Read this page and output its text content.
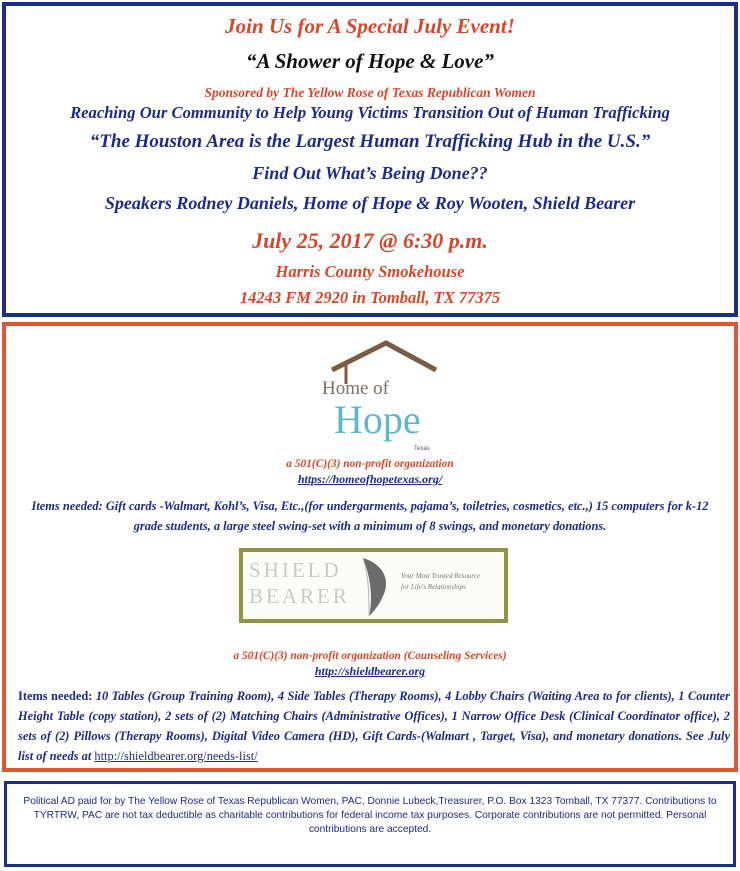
Join Us for A Special July Event!

“A Shower of Hope & Love”

Sponsored by The Yellow Rose of Texas Republican Women

Reaching Our Community to Help Young Victims Transition Out of Human Trafficking

“The Houston Area is the Largest Human Trafficking Hub in the U.S.”

Find Out What’s Being Done??

Speakers Rodney Daniels, Home of Hope & Roy Wooten, Shield Bearer

July 25, 2017 @ 6:30 p.m.

Harris County Smokehouse

14243 FM 2920 in Tomball, TX 77375

Home of
Hope
Texas

a 501(C)(3) non-profit organization

https://homeofhopetexas.org/

Items needed: Gift cards -Walmart, Kohl’s, Visa, Etc.,(for undergarments, pajama’s, toiletries, cosmetics, etc.,) 15 computers for k-12 grade students, a large steel swing-set with a minimum of 8 swings, and monetary donations.

SHIELD
BEARER
Your Most Trusted Resource
for Life's Relationships

a 501(C)(3) non-profit organization (Counseling Services)

http://shieldbearer.org

Items needed: 10 Tables (Group Training Room), 4 Side Tables (Therapy Rooms), 4 Lobby Chairs (Waiting Area to for clients), 1 Counter Height Table (copy station), 2 sets of (2) Matching Chairs (Administrative Offices), 1 Narrow Office Desk (Clinical Coordinator office), 2 sets of (2) Pillows (Therapy Rooms), Digital Video Camera (HD), Gift Cards-(Walmart , Target, Visa), and monetary donations. See July list of needs at http://shieldbearer.org/needs-list/

Political AD paid for by The Yellow Rose of Texas Republican Women, PAC, Donnie Lubeck,Treasurer, P.O. Box 1323 Tomball, TX 77377. Contributions to TYRTRW, PAC are not tax deductible as charitable contributions for federal income tax purposes. Corporate contributions are not permitted. Personal contributions are accepted.
